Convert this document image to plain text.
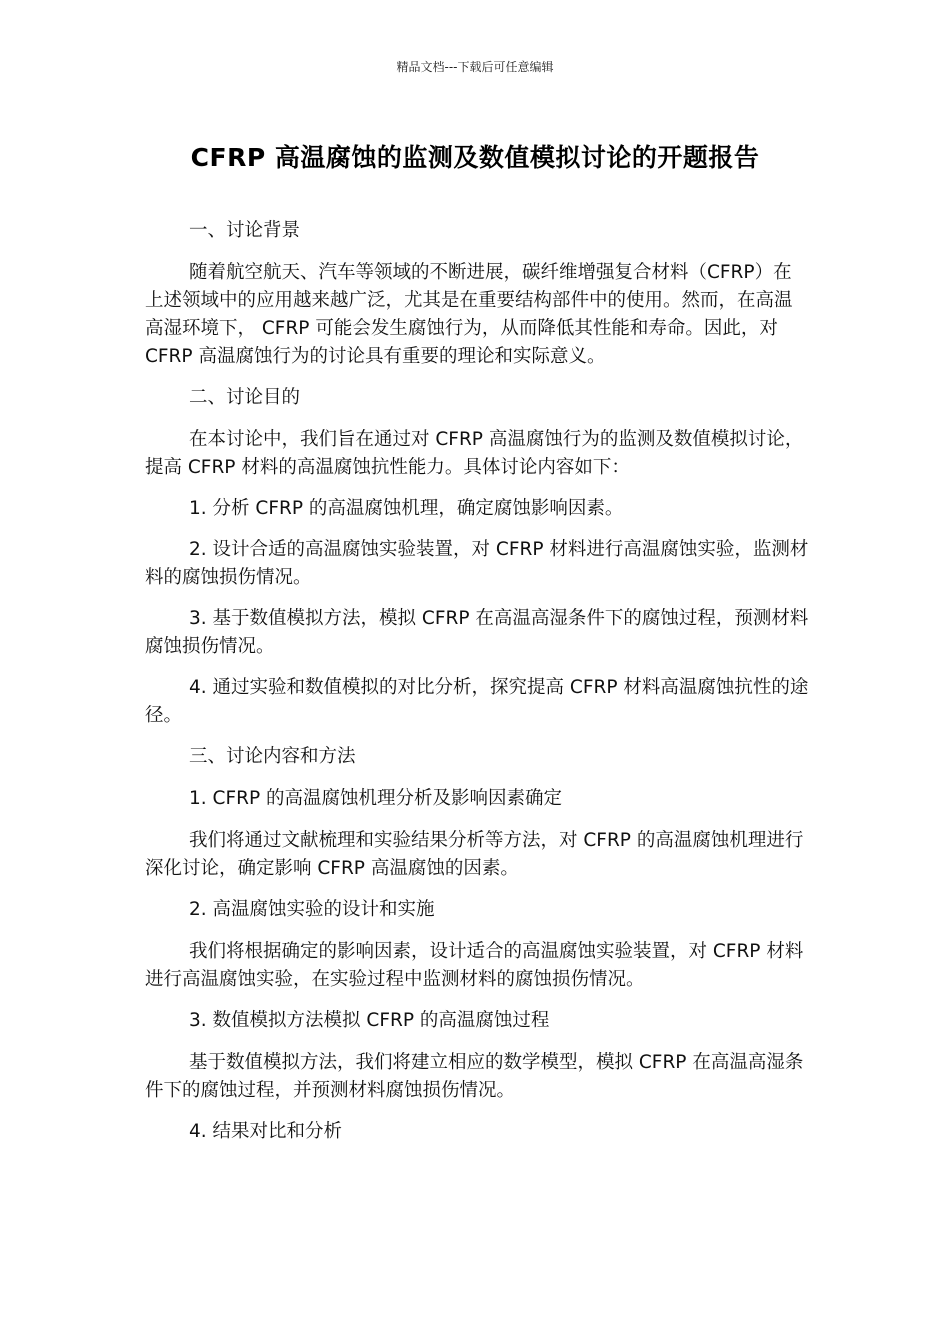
精品文档---下载后可任意编辑
CFRP 高温腐蚀的监测及数值模拟讨论的开题报告

一、讨论背景

随着航空航天、汽车等领域的不断进展，碳纤维增强复合材料（CFRP）在上述领域中的应用越来越广泛，尤其是在重要结构部件中的使用。然而，在高温高湿环境下， CFRP 可能会发生腐蚀行为，从而降低其性能和寿命。因此，对 CFRP 高温腐蚀行为的讨论具有重要的理论和实际意义。

二、讨论目的

在本讨论中，我们旨在通过对 CFRP 高温腐蚀行为的监测及数值模拟讨论，提高 CFRP 材料的高温腐蚀抗性能力。具体讨论内容如下：

1. 分析 CFRP 的高温腐蚀机理，确定腐蚀影响因素。

2. 设计合适的高温腐蚀实验装置，对 CFRP 材料进行高温腐蚀实验，监测材料的腐蚀损伤情况。

3. 基于数值模拟方法，模拟 CFRP 在高温高湿条件下的腐蚀过程，预测材料腐蚀损伤情况。

4. 通过实验和数值模拟的对比分析，探究提高 CFRP 材料高温腐蚀抗性的途径。

三、讨论内容和方法

1. CFRP 的高温腐蚀机理分析及影响因素确定

我们将通过文献梳理和实验结果分析等方法，对 CFRP 的高温腐蚀机理进行深化讨论，确定影响 CFRP 高温腐蚀的因素。

2. 高温腐蚀实验的设计和实施

我们将根据确定的影响因素，设计适合的高温腐蚀实验装置，对 CFRP 材料进行高温腐蚀实验，在实验过程中监测材料的腐蚀损伤情况。

3. 数值模拟方法模拟 CFRP 的高温腐蚀过程

基于数值模拟方法，我们将建立相应的数学模型，模拟 CFRP 在高温高湿条件下的腐蚀过程，并预测材料腐蚀损伤情况。

4. 结果对比和分析
